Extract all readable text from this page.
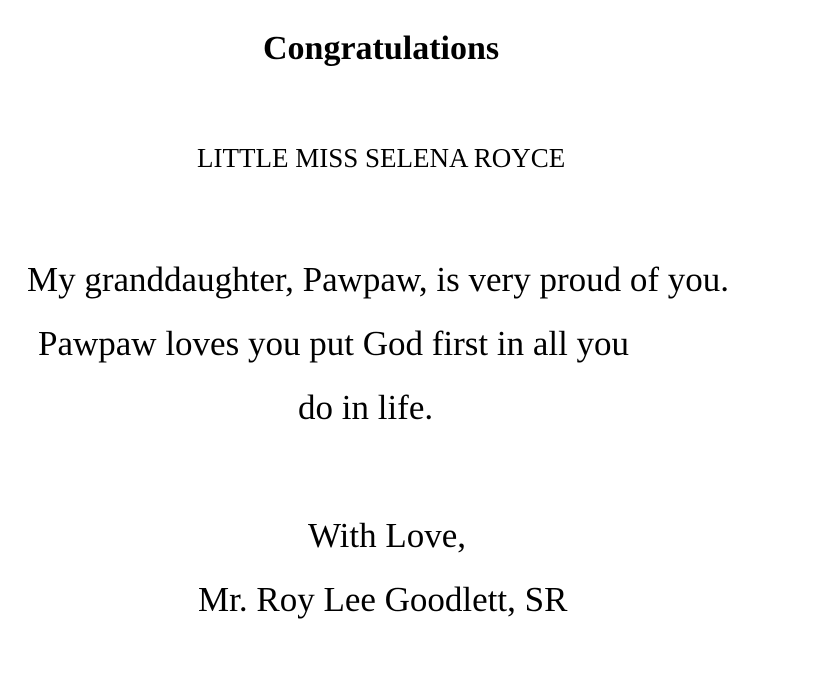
Congratulations
LITTLE MISS SELENA ROYCE
My granddaughter, Pawpaw, is very proud of you.
Pawpaw loves you put God first in all you
do in life.
With Love,
Mr. Roy Lee Goodlett, SR
